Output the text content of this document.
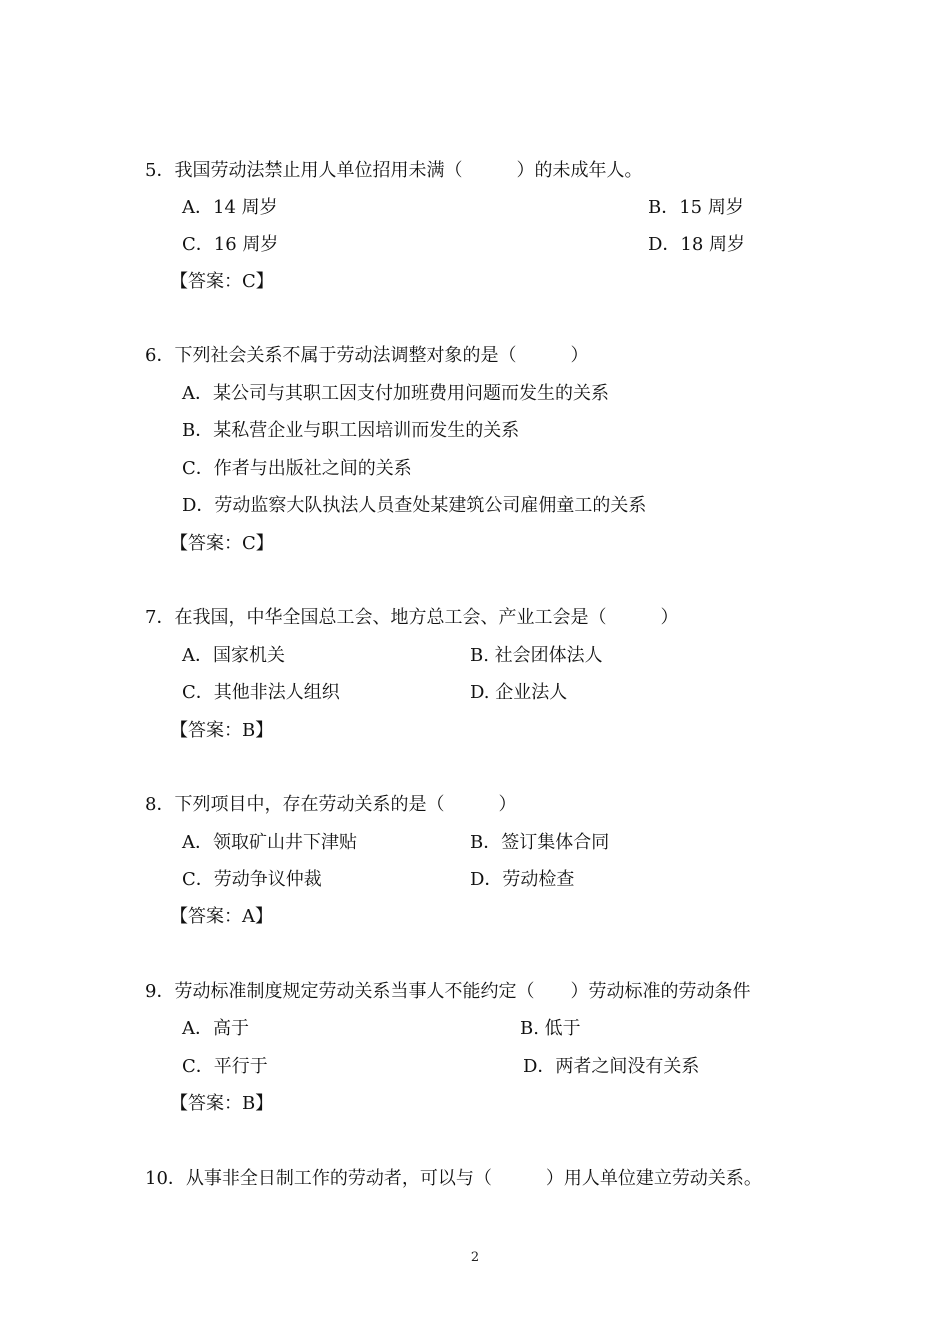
5．我国劳动法禁止用人单位招用未满（　　　）的未成年人。
A．14 周岁	B．15 周岁
C．16 周岁	D．18 周岁
【答案：C】
6．下列社会关系不属于劳动法调整对象的是（　　　）
A．某公司与其职工因支付加班费用问题而发生的关系
B．某私营企业与职工因培训而发生的关系
C．作者与出版社之间的关系
D．劳动监察大队执法人员查处某建筑公司雇佣童工的关系
【答案：C】
7．在我国，中华全国总工会、地方总工会、产业工会是（　　　）
A．国家机关	B. 社会团体法人
C．其他非法人组织	D. 企业法人
【答案：B】
8．下列项目中，存在劳动关系的是（　　　）
A．领取矿山井下津贴	B．签订集体合同
C．劳动争议仲裁	D．劳动检查
【答案：A】
9．劳动标准制度规定劳动关系当事人不能约定（　　）劳动标准的劳动条件
A．高于	B. 低于
C．平行于	D．两者之间没有关系
【答案：B】
10．从事非全日制工作的劳动者，可以与（　　　）用人单位建立劳动关系。
2
